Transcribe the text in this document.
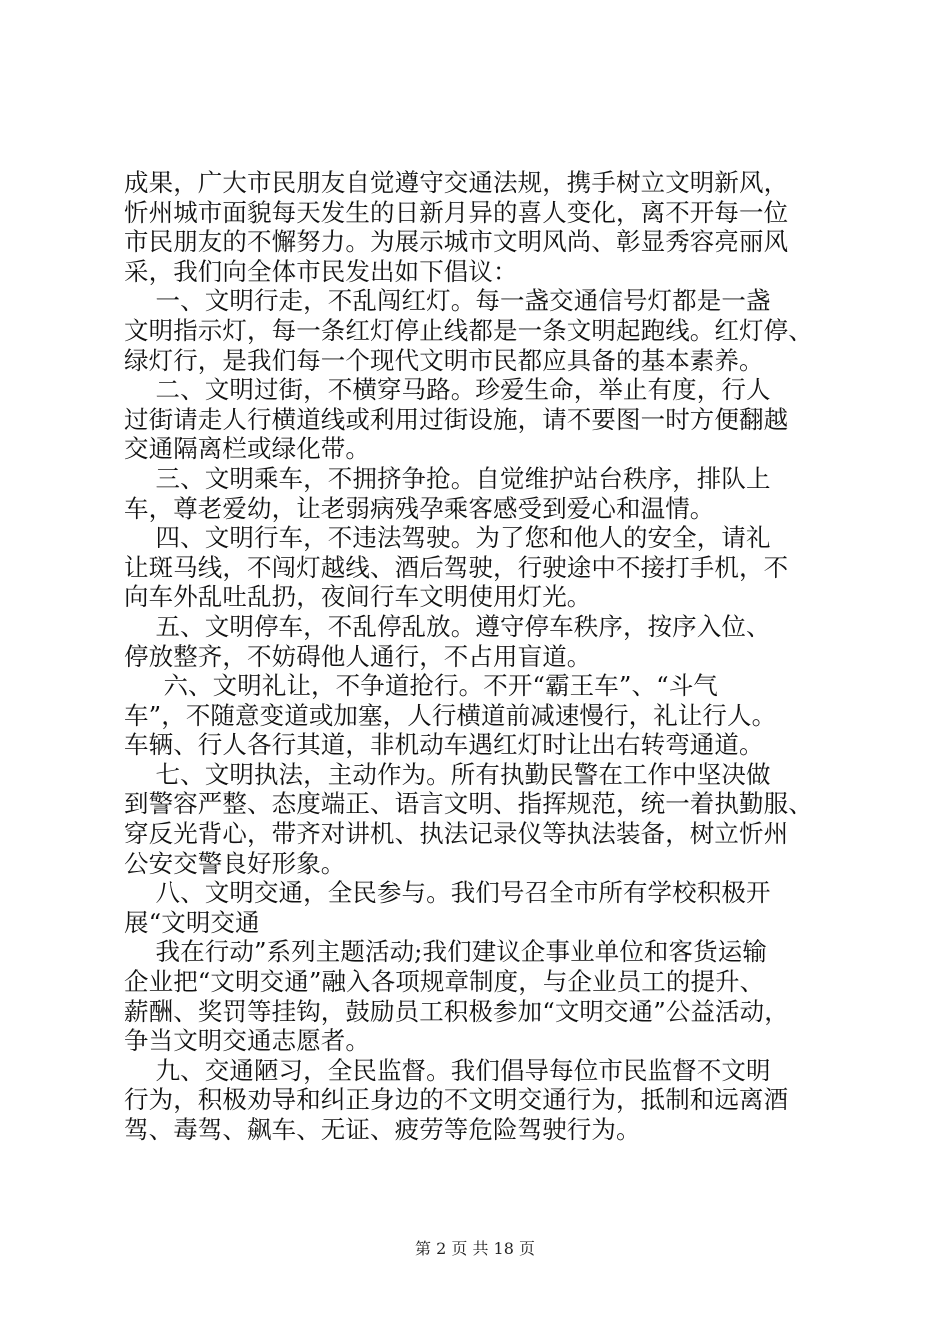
成果，广大市民朋友自觉遵守交通法规，携手树立文明新风，
忻州城市面貌每天发生的日新月异的喜人变化，离不开每一位
市民朋友的不懈努力。为展示城市文明风尚、彰显秀容亮丽风
采，我们向全体市民发出如下倡议：
一、文明行走，不乱闯红灯。每一盏交通信号灯都是一盏
文明指示灯，每一条红灯停止线都是一条文明起跑线。红灯停、
绿灯行，是我们每一个现代文明市民都应具备的基本素养。
二、文明过街，不横穿马路。珍爱生命，举止有度，行人
过街请走人行横道线或利用过街设施，请不要图一时方便翻越
交通隔离栏或绿化带。
三、文明乘车，不拥挤争抢。自觉维护站台秩序，排队上
车，尊老爱幼，让老弱病残孕乘客感受到爱心和温情。
四、文明行车，不违法驾驶。为了您和他人的安全，请礼
让斑马线，不闯灯越线、酒后驾驶，行驶途中不接打手机，不
向车外乱吐乱扔，夜间行车文明使用灯光。
五、文明停车，不乱停乱放。遵守停车秩序，按序入位、
停放整齐，不妨碍他人通行，不占用盲道。
六、文明礼让，不争道抢行。不开“霸王车”、“斗气
车”，不随意变道或加塞，人行横道前减速慢行，礼让行人。
车辆、行人各行其道，非机动车遇红灯时让出右转弯通道。
七、文明执法，主动作为。所有执勤民警在工作中坚决做
到警容严整、态度端正、语言文明、指挥规范，统一着执勤服、
穿反光背心，带齐对讲机、执法记录仪等执法装备，树立忻州
公安交警良好形象。
八、文明交通，全民参与。我们号召全市所有学校积极开
展“文明交通
我在行动”系列主题活动;我们建议企事业单位和客货运输
企业把“文明交通”融入各项规章制度，与企业员工的提升、
薪酬、奖罚等挂钩，鼓励员工积极参加“文明交通”公益活动，
争当文明交通志愿者。
九、交通陋习，全民监督。我们倡导每位市民监督不文明
行为，积极劝导和纠正身边的不文明交通行为，抵制和远离酒
驾、毒驾、飙车、无证、疲劳等危险驾驶行为。
第 2 页 共 18 页
